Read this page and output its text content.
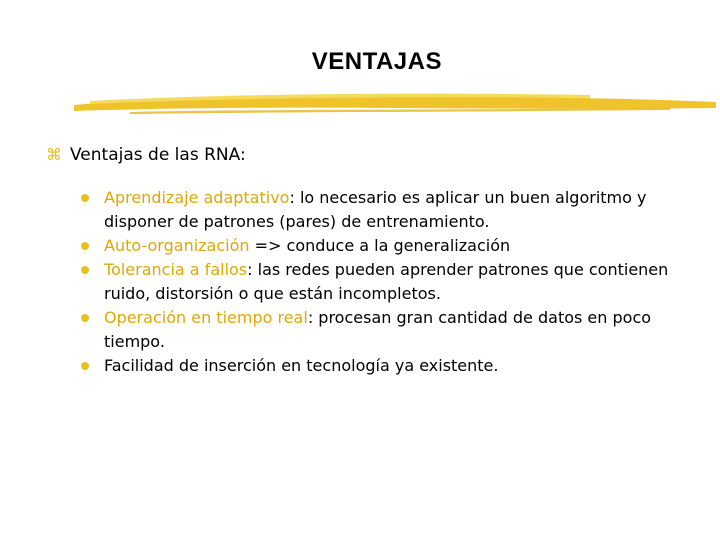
VENTAJAS
⌘ Ventajas de las RNA:
Aprendizaje adaptativo: lo necesario es aplicar un buen algoritmo y disponer de patrones (pares) de entrenamiento.
Auto-organización => conduce a la generalización
Tolerancia a fallos: las redes pueden aprender patrones que contienen ruido, distorsión o que están incompletos.
Operación en tiempo real: procesan gran cantidad de datos en poco tiempo.
Facilidad de inserción en tecnología ya existente.
